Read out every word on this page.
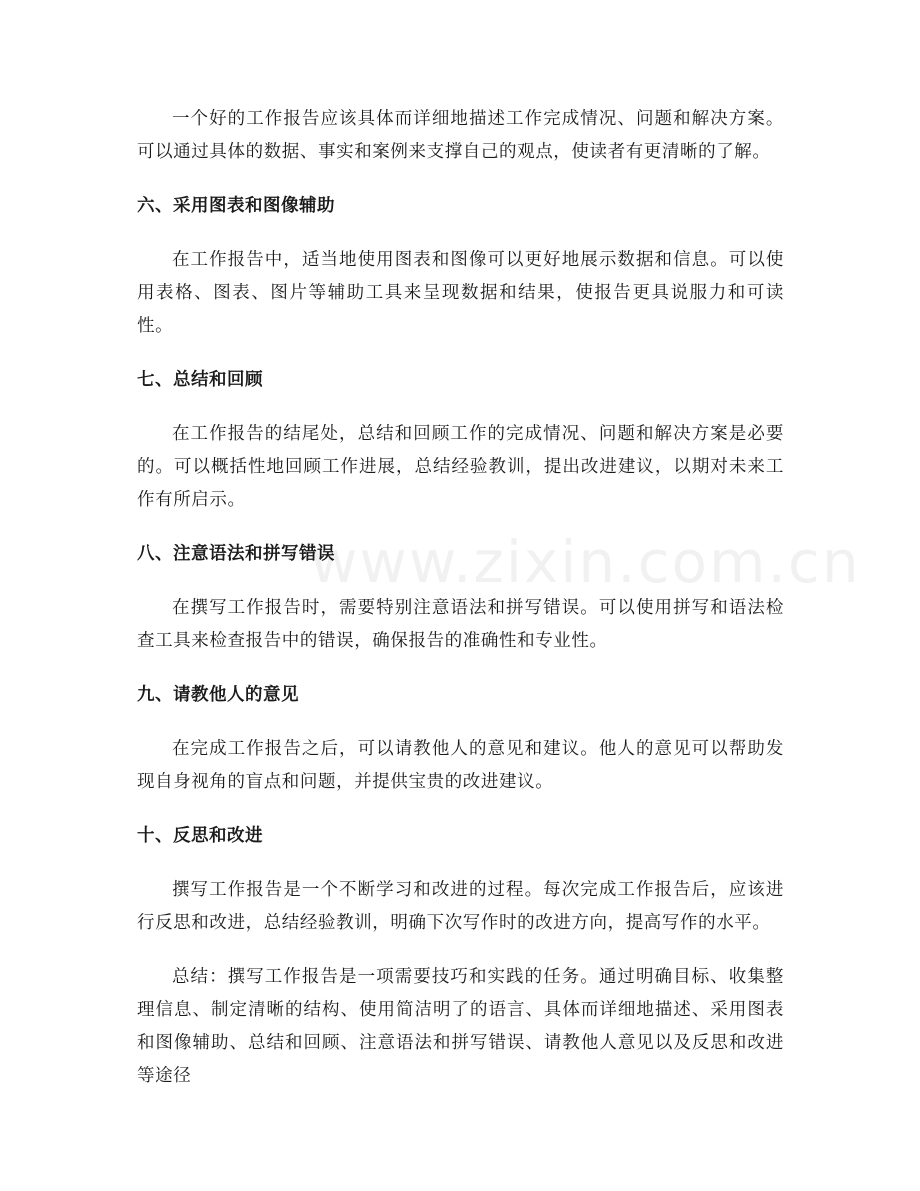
一个好的工作报告应该具体而详细地描述工作完成情况、问题和解决方案。可以通过具体的数据、事实和案例来支撑自己的观点，使读者有更清晰的了解。

六、采用图表和图像辅助

在工作报告中，适当地使用图表和图像可以更好地展示数据和信息。可以使用表格、图表、图片等辅助工具来呈现数据和结果，使报告更具说服力和可读性。

七、总结和回顾

在工作报告的结尾处，总结和回顾工作的完成情况、问题和解决方案是必要的。可以概括性地回顾工作进展，总结经验教训，提出改进建议，以期对未来工作有所启示。

八、注意语法和拼写错误

在撰写工作报告时，需要特别注意语法和拼写错误。可以使用拼写和语法检查工具来检查报告中的错误，确保报告的准确性和专业性。

九、请教他人的意见

在完成工作报告之后，可以请教他人的意见和建议。他人的意见可以帮助发现自身视角的盲点和问题，并提供宝贵的改进建议。

十、反思和改进

撰写工作报告是一个不断学习和改进的过程。每次完成工作报告后，应该进行反思和改进，总结经验教训，明确下次写作时的改进方向，提高写作的水平。

总结：撰写工作报告是一项需要技巧和实践的任务。通过明确目标、收集整理信息、制定清晰的结构、使用简洁明了的语言、具体而详细地描述、采用图表和图像辅助、总结和回顾、注意语法和拼写错误、请教他人意见以及反思和改进等途径

www.zixin.com.cn
